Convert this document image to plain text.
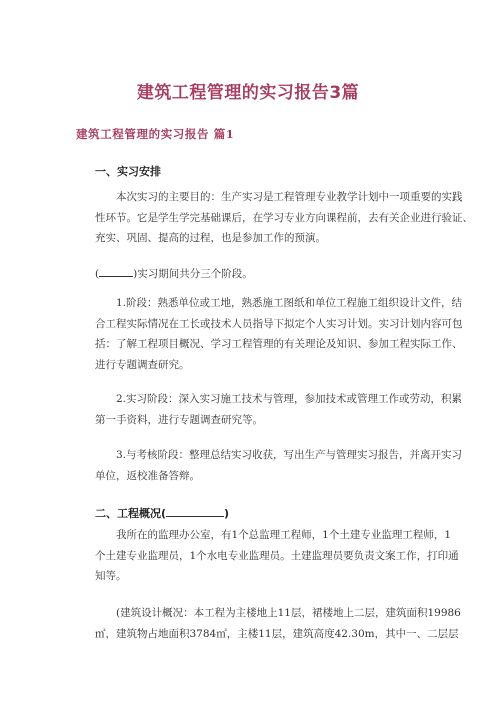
建筑工程管理的实习报告3篇
建筑工程管理的实习报告 篇1
一、实习安排
本次实习的主要目的：生产实习是工程管理专业教学计划中一项重要的实践
性环节。它是学生学完基础课后，在学习专业方向课程前，去有关企业进行验证、
充实、巩固、提高的过程，也是参加工作的预演。
(	)实习期间共分三个阶段。
1.阶段：熟悉单位或工地，熟悉施工图纸和单位工程施工组织设计文件，结
合工程实际情况在工长或技术人员指导下拟定个人实习计划。实习计划内容可包
括：了解工程项目概况、学习工程管理的有关理论及知识、参加工程实际工作、
进行专题调查研究。
2.实习阶段：深入实习施工技术与管理，参加技术或管理工作或劳动，积累
第一手资料，进行专题调查研究等。
3.与考核阶段：整理总结实习收获，写出生产与管理实习报告，并离开实习
单位，返校准备答辩。
二、工程概况(	)
我所在的监理办公室，有1个总监理工程师，1个土建专业监理工程师，1
个土建专业监理员，1个水电专业监理员。土建监理员要负责文案工作，打印通
知等。
(建筑设计概况：本工程为主楼地上11层，裙楼地上二层，建筑面积19986
㎡，建筑物占地面积3784㎡，主楼11层，建筑高度42.30m，其中一、二层层
